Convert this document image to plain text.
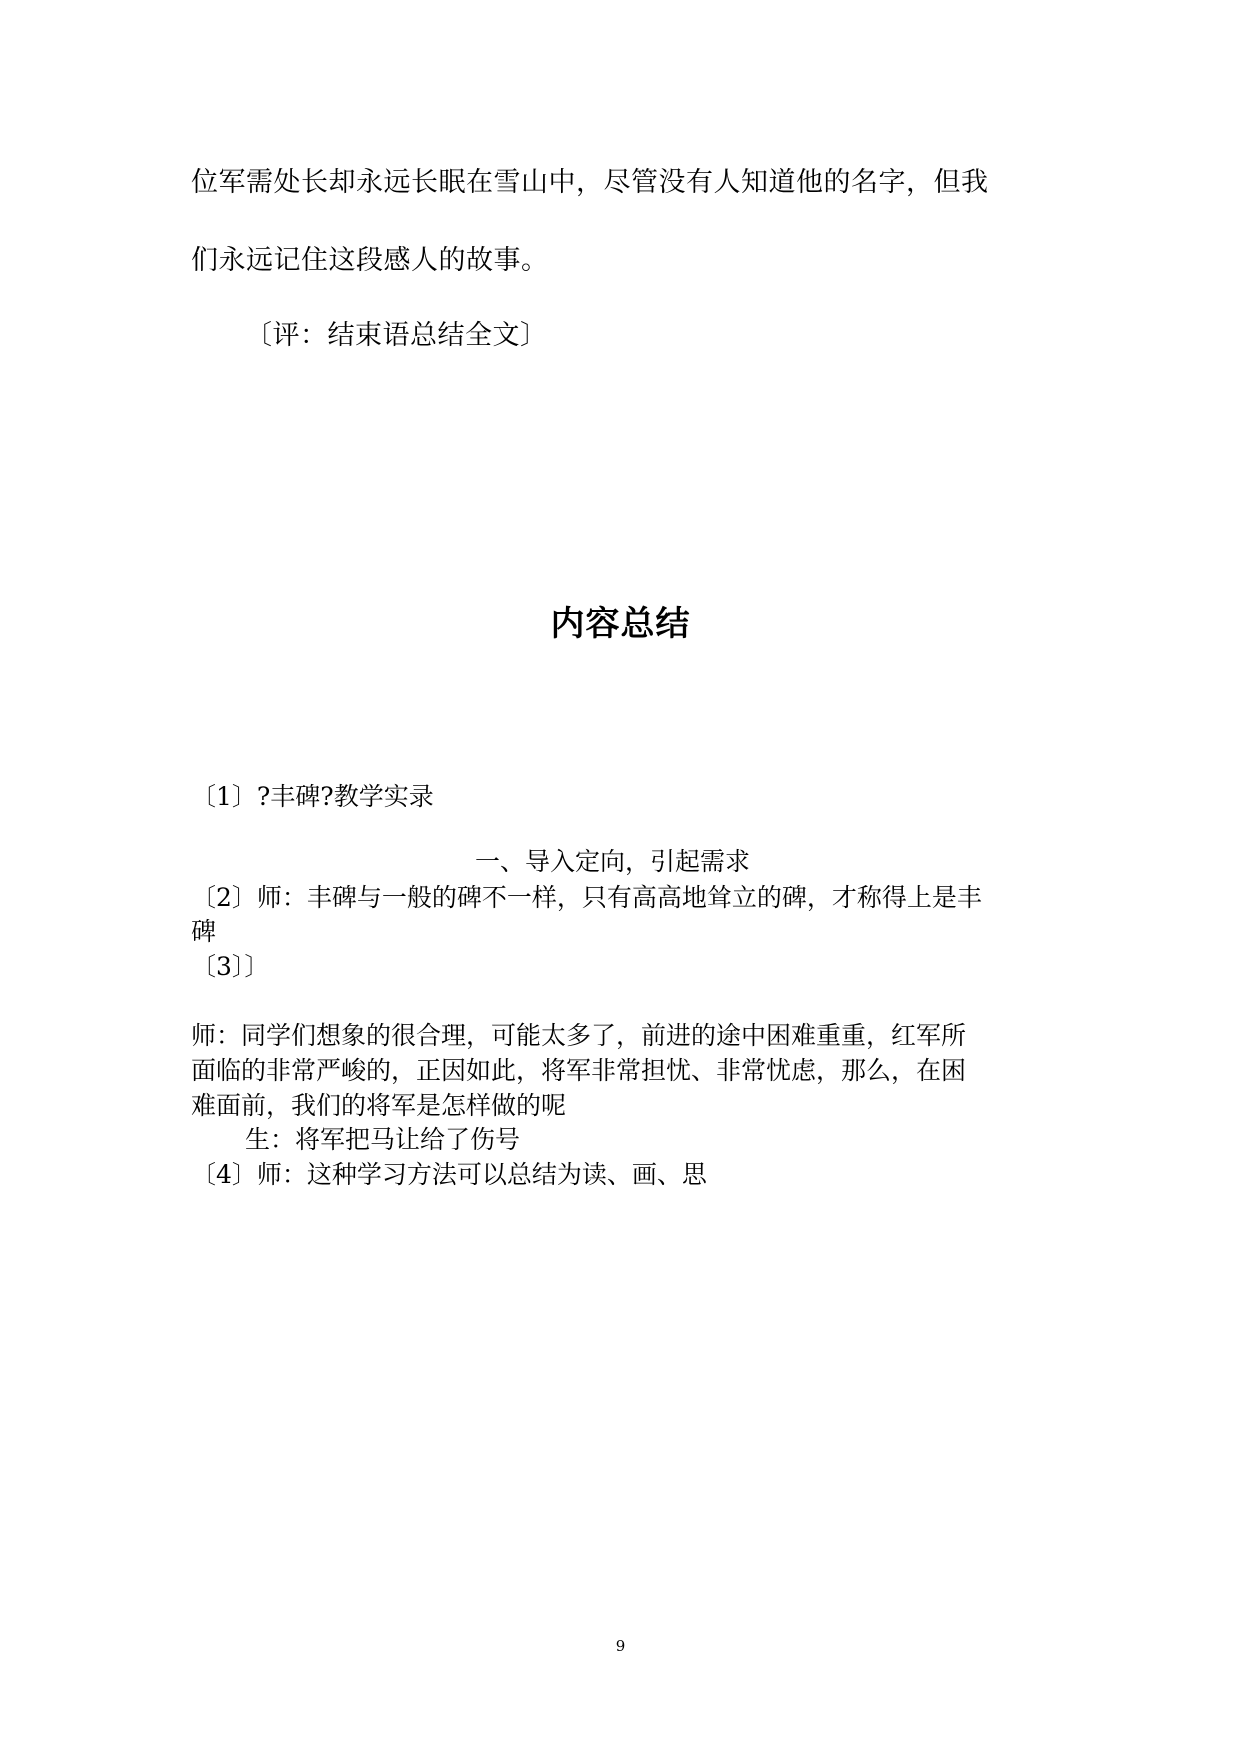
位军需处长却永远长眠在雪山中，尽管没有人知道他的名字，但我

们永远记住这段感人的故事。

〔评：结束语总结全文〕

内容总结

〔1〕?丰碑?教学实录

一、导入定向，引起需求

〔2〕师：丰碑与一般的碑不一样，只有高高地耸立的碑，才称得上是丰

碑

〔3〕〕

师：同学们想象的很合理，可能太多了，前进的途中困难重重，红军所

面临的非常严峻的，正因如此，将军非常担忧、非常忧虑，那么，在困

难面前，我们的将军是怎样做的呢

生：将军把马让给了伤号

〔4〕师：这种学习方法可以总结为读、画、思

9
